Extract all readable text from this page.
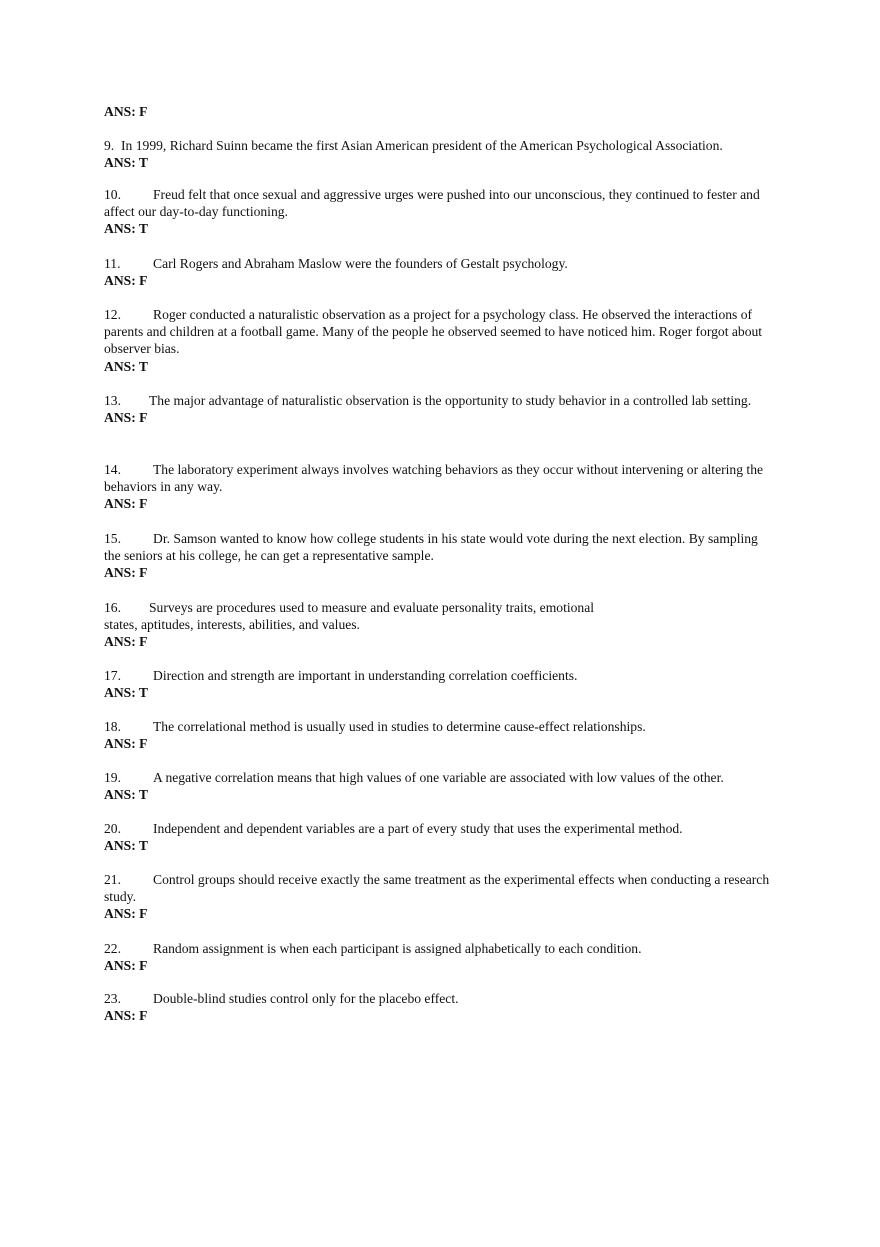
ANS: F
9. In 1999, Richard Suinn became the first Asian American president of the American Psychological Association.
ANS: T
10. Freud felt that once sexual and aggressive urges were pushed into our unconscious, they continued to fester and affect our day-to-day functioning.
ANS: T
11. Carl Rogers and Abraham Maslow were the founders of Gestalt psychology.
ANS: F
12. Roger conducted a naturalistic observation as a project for a psychology class. He observed the interactions of parents and children at a football game. Many of the people he observed seemed to have noticed him. Roger forgot about observer bias.
ANS: T
13. The major advantage of naturalistic observation is the opportunity to study behavior in a controlled lab setting.
ANS: F
14. The laboratory experiment always involves watching behaviors as they occur without intervening or altering the behaviors in any way.
ANS: F
15. Dr. Samson wanted to know how college students in his state would vote during the next election. By sampling the seniors at his college, he can get a representative sample.
ANS: F
16. Surveys are procedures used to measure and evaluate personality traits, emotional
states, aptitudes, interests, abilities, and values.
ANS: F
17. Direction and strength are important in understanding correlation coefficients.
ANS: T
18. The correlational method is usually used in studies to determine cause-effect relationships.
ANS: F
19. A negative correlation means that high values of one variable are associated with low values of the other.
ANS: T
20. Independent and dependent variables are a part of every study that uses the experimental method.
ANS: T
21. Control groups should receive exactly the same treatment as the experimental effects when conducting a research study.
ANS: F
22. Random assignment is when each participant is assigned alphabetically to each condition.
ANS: F
23. Double-blind studies control only for the placebo effect.
ANS: F
